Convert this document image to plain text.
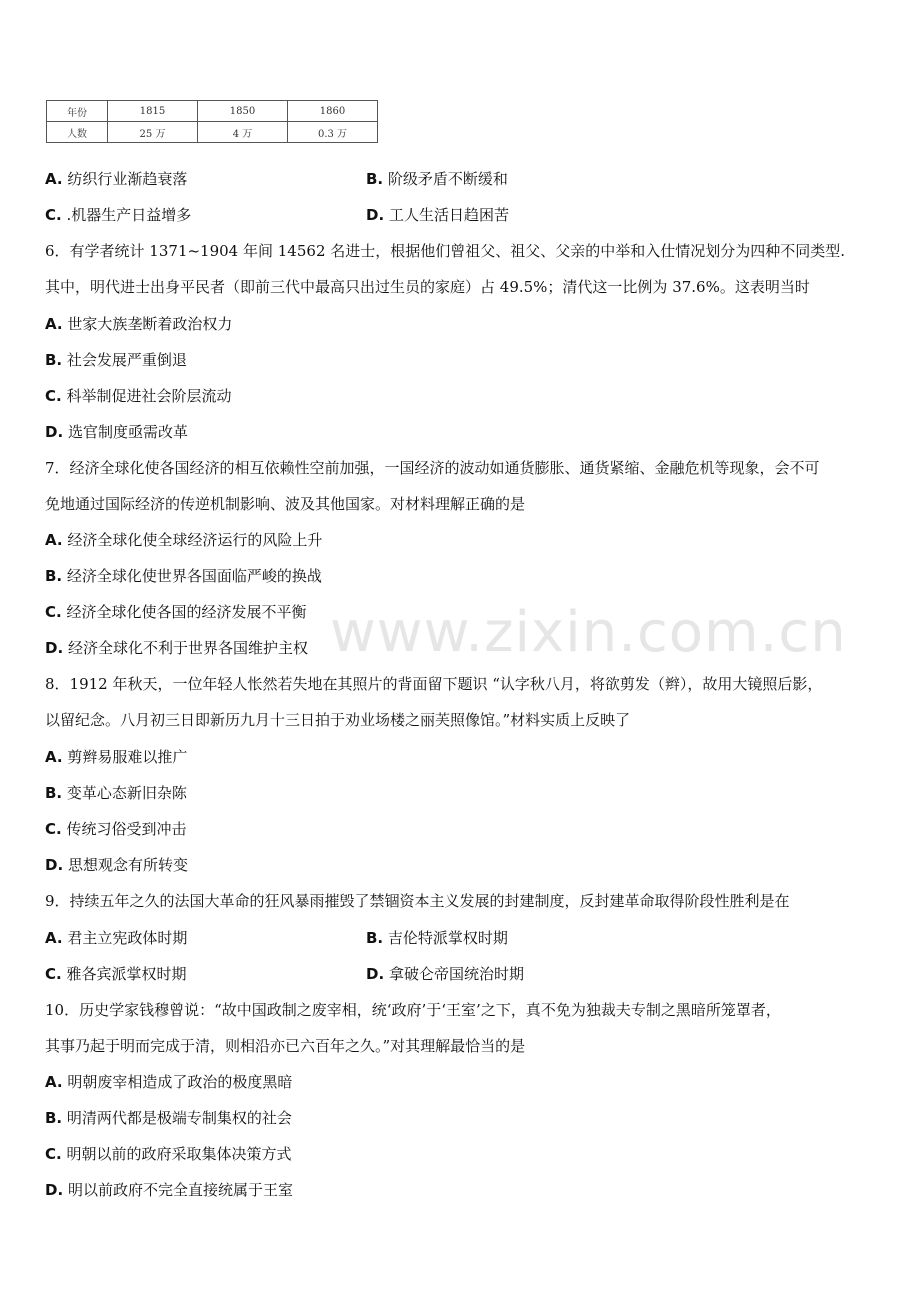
年份	1815	1850	1860
人数	25 万	4 万	0.3 万
A. 纺织行业渐趋衰落	B. 阶级矛盾不断缓和
C. .机器生产日益增多	D. 工人生活日趋困苦
6．有学者统计 1371~1904 年间 14562 名进士，根据他们曾祖父、祖父、父亲的中举和入仕情况划分为四种不同类型.
其中，明代进士出身平民者（即前三代中最高只出过生员的家庭）占 49.5%；清代这一比例为 37.6%。这表明当时
A. 世家大族垄断着政治权力
B. 社会发展严重倒退
C. 科举制促进社会阶层流动
D. 选官制度亟需改革
7．经济全球化使各国经济的相互依赖性空前加强，一国经济的波动如通货膨胀、通货紧缩、金融危机等现象，会不可
免地通过国际经济的传逆机制影响、波及其他国家。对材料理解正确的是
A. 经济全球化使全球经济运行的风险上升
B. 经济全球化使世界各国面临严峻的换战
C. 经济全球化使各国的经济发展不平衡
D. 经济全球化不利于世界各国维护主权
8．1912 年秋天，一位年轻人怅然若失地在其照片的背面留下题识 “认字秋八月，将欲剪发（辫），故用大镜照后影，
以留纪念。八月初三日即新历九月十三日拍于劝业场楼之丽芙照像馆。”材料实质上反映了
A. 剪辫易服难以推广
B. 变革心态新旧杂陈
C. 传统习俗受到冲击
D. 思想观念有所转变
9．持续五年之久的法国大革命的狂风暴雨摧毁了禁锢资本主义发展的封建制度，反封建革命取得阶段性胜利是在
A. 君主立宪政体时期	B. 吉伦特派掌权时期
C. 雅各宾派掌权时期	D. 拿破仑帝国统治时期
10．历史学家钱穆曾说：“故中国政制之废宰相，统‘政府’于‘王室’之下，真不免为独裁夫专制之黑暗所笼罩者，
其事乃起于明而完成于清，则相沿亦已六百年之久。”对其理解最恰当的是
A. 明朝废宰相造成了政治的极度黑暗
B. 明清两代都是极端专制集权的社会
C. 明朝以前的政府采取集体决策方式
D. 明以前政府不完全直接统属于王室
www.zixin.com.cn
